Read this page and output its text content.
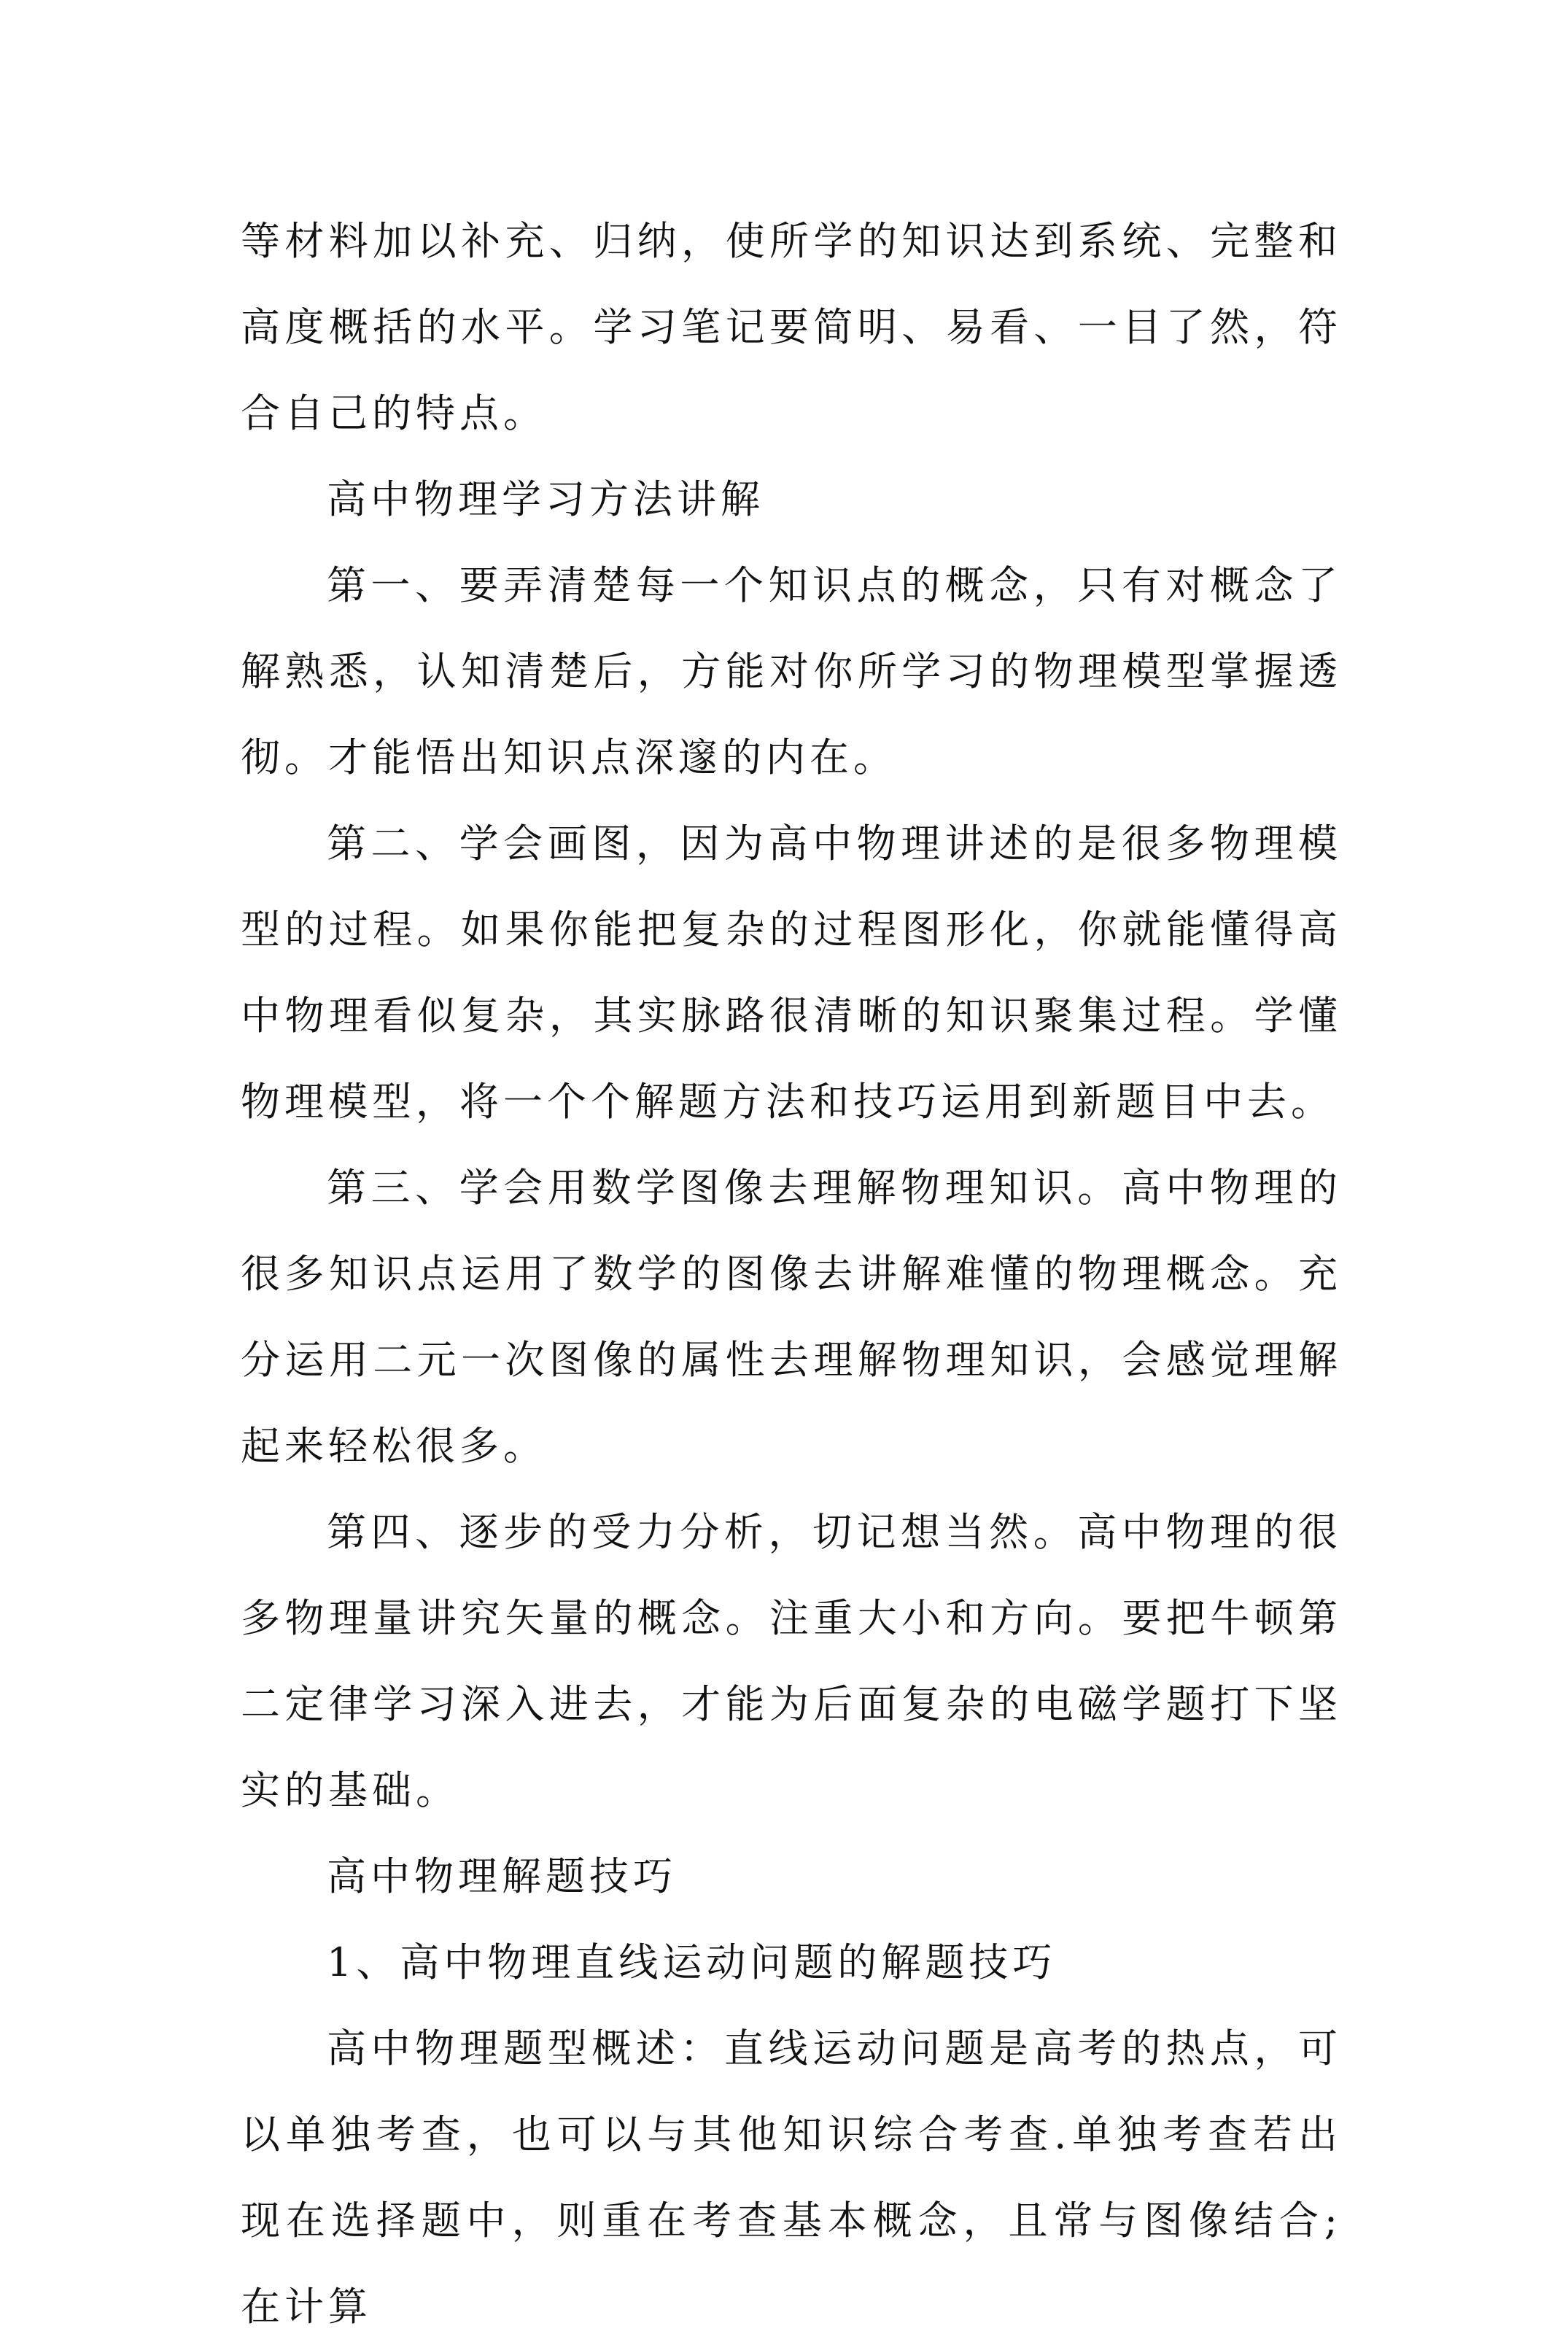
等材料加以补充、归纳，使所学的知识达到系统、完整和高度概括的水平。学习笔记要简明、易看、一目了然，符合自己的特点。

高中物理学习方法讲解

第一、要弄清楚每一个知识点的概念，只有对概念了解熟悉，认知清楚后，方能对你所学习的物理模型掌握透彻。才能悟出知识点深邃的内在。

第二、学会画图，因为高中物理讲述的是很多物理模型的过程。如果你能把复杂的过程图形化，你就能懂得高中物理看似复杂，其实脉路很清晰的知识聚集过程。学懂物理模型，将一个个解题方法和技巧运用到新题目中去。

第三、学会用数学图像去理解物理知识。高中物理的很多知识点运用了数学的图像去讲解难懂的物理概念。充分运用二元一次图像的属性去理解物理知识，会感觉理解起来轻松很多。

第四、逐步的受力分析，切记想当然。高中物理的很多物理量讲究矢量的概念。注重大小和方向。要把牛顿第二定律学习深入进去，才能为后面复杂的电磁学题打下坚实的基础。

高中物理解题技巧

1、高中物理直线运动问题的解题技巧

高中物理题型概述：直线运动问题是高考的热点，可以单独考查，也可以与其他知识综合考查.单独考查若出现在选择题中，则重在考查基本概念，且常与图像结合;在计算
